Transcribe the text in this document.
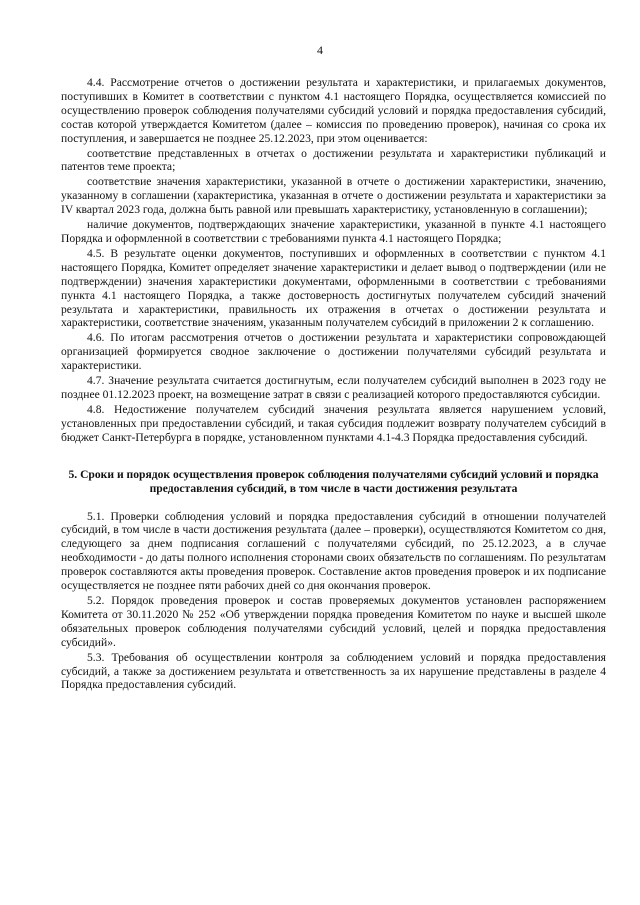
4

4.4. Рассмотрение отчетов о достижении результата и характеристики, и прилагаемых документов, поступивших в Комитет в соответствии с пунктом 4.1 настоящего Порядка, осуществляется комиссией по осуществлению проверок соблюдения получателями субсидий условий и порядка предоставления субсидий, состав которой утверждается Комитетом (далее – комиссия по проведению проверок), начиная со срока их поступления, и завершается не позднее 25.12.2023, при этом оценивается:

соответствие представленных в отчетах о достижении результата и характеристики публикаций и патентов теме проекта;

соответствие значения характеристики, указанной в отчете о достижении характеристики, значению, указанному в соглашении (характеристика, указанная в отчете о достижении результата и характеристики за IV квартал 2023 года, должна быть равной или превышать характеристику, установленную в соглашении);

наличие документов, подтверждающих значение характеристики, указанной в пункте 4.1 настоящего Порядка и оформленной в соответствии с требованиями пункта 4.1 настоящего Порядка;

4.5. В результате оценки документов, поступивших и оформленных в соответствии с пунктом 4.1 настоящего Порядка, Комитет определяет значение характеристики и делает вывод о подтверждении (или не подтверждении) значения характеристики документами, оформленными в соответствии с требованиями пункта 4.1 настоящего Порядка, а также достоверность достигнутых получателем субсидий значений результата и характеристики, правильность их отражения в отчетах о достижении результата и характеристики, соответствие значениям, указанным получателем субсидий в приложении 2 к соглашению.

4.6. По итогам рассмотрения отчетов о достижении результата и характеристики сопровождающей организацией формируется сводное заключение о достижении получателями субсидий результата и характеристики.

4.7. Значение результата считается достигнутым, если получателем субсидий выполнен в 2023 году не позднее 01.12.2023 проект, на возмещение затрат в связи с реализацией которого предоставляются субсидии.

4.8. Недостижение получателем субсидий значения результата является нарушением условий, установленных при предоставлении субсидий, и такая субсидия подлежит возврату получателем субсидий в бюджет Санкт-Петербурга в порядке, установленном пунктами 4.1-4.3 Порядка предоставления субсидий.

5. Сроки и порядок осуществления проверок соблюдения получателями субсидий условий и порядка предоставления субсидий, в том числе в части достижения результата

5.1. Проверки соблюдения условий и порядка предоставления субсидий в отношении получателей субсидий, в том числе в части достижения результата (далее – проверки), осуществляются Комитетом со дня, следующего за днем подписания соглашений с получателями субсидий, по 25.12.2023, а в случае необходимости - до даты полного исполнения сторонами своих обязательств по соглашениям. По результатам проверок составляются акты проведения проверок. Составление актов проведения проверок и их подписание осуществляется не позднее пяти рабочих дней со дня окончания проверок.

5.2. Порядок проведения проверок и состав проверяемых документов установлен распоряжением Комитета от 30.11.2020 № 252 «Об утверждении порядка проведения Комитетом по науке и высшей школе обязательных проверок соблюдения получателями субсидий условий, целей и порядка предоставления субсидий».

5.3. Требования об осуществлении контроля за соблюдением условий и порядка предоставления субсидий, а также за достижением результата и ответственность за их нарушение представлены в разделе 4 Порядка предоставления субсидий.
